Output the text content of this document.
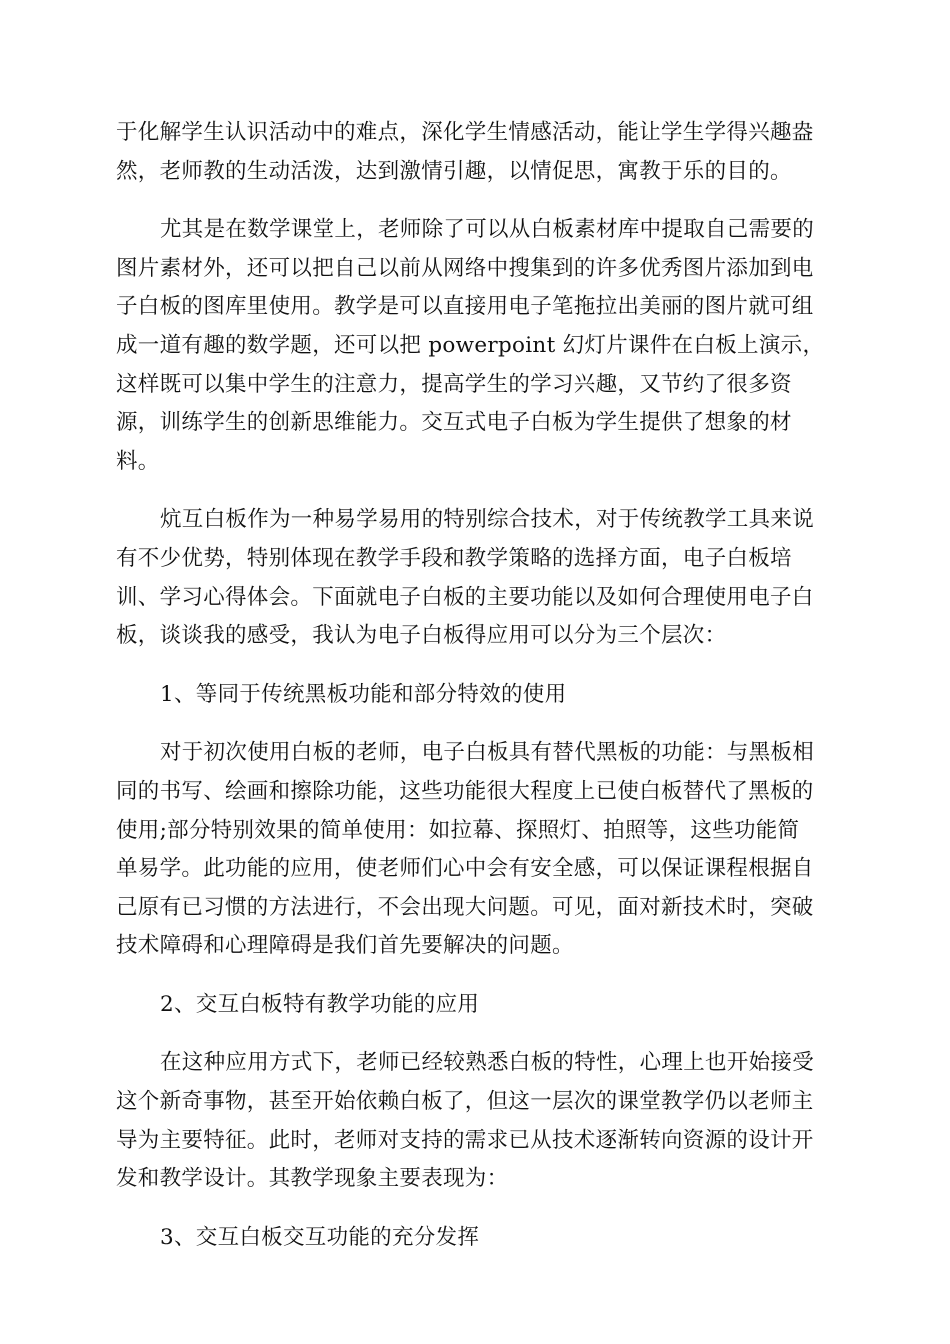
于化解学生认识活动中的难点，深化学生情感活动，能让学生学得兴趣盎
然，老师教的生动活泼，达到激情引趣，以情促思，寓教于乐的目的。

尤其是在数学课堂上，老师除了可以从白板素材库中提取自己需要的
图片素材外，还可以把自己以前从网络中搜集到的许多优秀图片添加到电
子白板的图库里使用。教学是可以直接用电子笔拖拉出美丽的图片就可组
成一道有趣的数学题，还可以把 powerpoint 幻灯片课件在白板上演示，
这样既可以集中学生的注意力，提高学生的学习兴趣，又节约了很多资
源，训练学生的创新思维能力。交互式电子白板为学生提供了想象的材
料。

炕互白板作为一种易学易用的特别综合技术，对于传统教学工具来说
有不少优势，特别体现在教学手段和教学策略的选择方面，电子白板培
训、学习心得体会。下面就电子白板的主要功能以及如何合理使用电子白
板，谈谈我的感受，我认为电子白板得应用可以分为三个层次：

1、等同于传统黑板功能和部分特效的使用

对于初次使用白板的老师，电子白板具有替代黑板的功能：与黑板相
同的书写、绘画和擦除功能，这些功能很大程度上已使白板替代了黑板的
使用;部分特别效果的简单使用：如拉幕、探照灯、拍照等，这些功能简
单易学。此功能的应用，使老师们心中会有安全感，可以保证课程根据自
己原有已习惯的方法进行，不会出现大问题。可见，面对新技术时，突破
技术障碍和心理障碍是我们首先要解决的问题。

2、交互白板特有教学功能的应用

在这种应用方式下，老师已经较熟悉白板的特性，心理上也开始接受
这个新奇事物，甚至开始依赖白板了，但这一层次的课堂教学仍以老师主
导为主要特征。此时，老师对支持的需求已从技术逐渐转向资源的设计开
发和教学设计。其教学现象主要表现为：

3、交互白板交互功能的充分发挥
